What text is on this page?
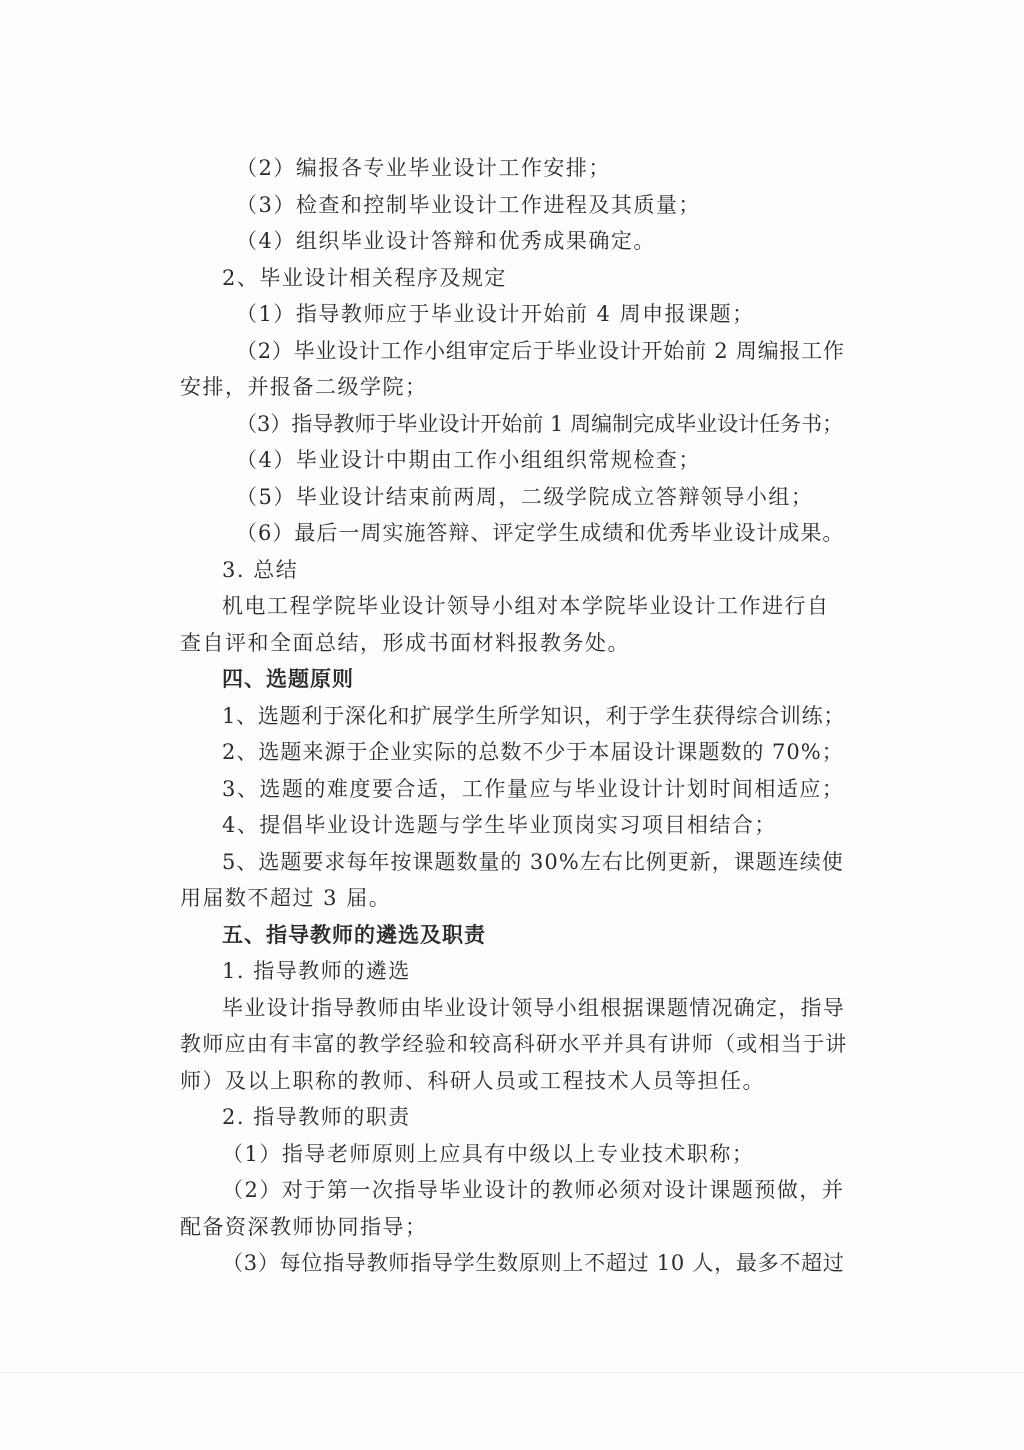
（2）编报各专业毕业设计工作安排；
（3）检查和控制毕业设计工作进程及其质量；
（4）组织毕业设计答辩和优秀成果确定。
2、毕业设计相关程序及规定
（1）指导教师应于毕业设计开始前 4 周申报课题；
（2）毕业设计工作小组审定后于毕业设计开始前 2 周编报工作
安排，并报备二级学院；
（3）指导教师于毕业设计开始前 1 周编制完成毕业设计任务书；
（4）毕业设计中期由工作小组组织常规检查；
（5）毕业设计结束前两周，二级学院成立答辩领导小组；
（6）最后一周实施答辩、评定学生成绩和优秀毕业设计成果。
3. 总结
机电工程学院毕业设计领导小组对本学院毕业设计工作进行自
查自评和全面总结，形成书面材料报教务处。
四、选题原则
1、选题利于深化和扩展学生所学知识，利于学生获得综合训练；
2、选题来源于企业实际的总数不少于本届设计课题数的 70%；
3、选题的难度要合适，工作量应与毕业设计计划时间相适应；
4、提倡毕业设计选题与学生毕业顶岗实习项目相结合；
5、选题要求每年按课题数量的 30%左右比例更新，课题连续使
用届数不超过 3 届。
五、指导教师的遴选及职责
1. 指导教师的遴选
毕业设计指导教师由毕业设计领导小组根据课题情况确定，指导
教师应由有丰富的教学经验和较高科研水平并具有讲师（或相当于讲
师）及以上职称的教师、科研人员或工程技术人员等担任。
2. 指导教师的职责
（1）指导老师原则上应具有中级以上专业技术职称；
（2）对于第一次指导毕业设计的教师必须对设计课题预做，并
配备资深教师协同指导；
（3）每位指导教师指导学生数原则上不超过 10 人，最多不超过
